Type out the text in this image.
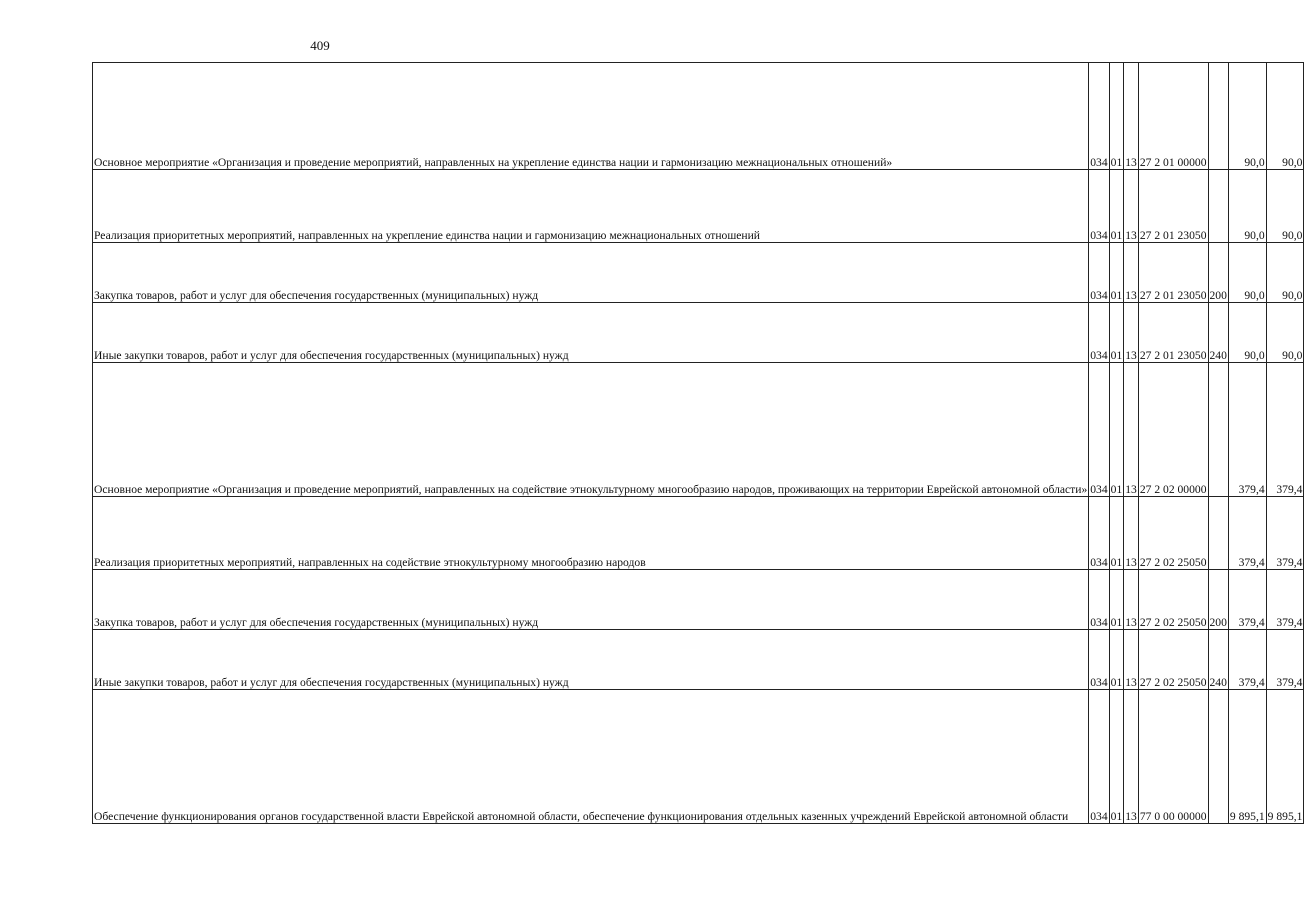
409
Основное мероприятие «Организация и проведение мероприятий, направленных на укрепление единства нации и гармонизацию межнациональных отношений»	034	01	13	27 2 01 00000		90,0	90,0
Реализация приоритетных мероприятий, направленных на укрепление единства нации и гармонизацию межнациональных отношений	034	01	13	27 2 01 23050		90,0	90,0
Закупка товаров, работ и услуг для обеспечения государственных (муниципальных) нужд	034	01	13	27 2 01 23050	200	90,0	90,0
Иные закупки товаров, работ и услуг для обеспечения государственных (муниципальных) нужд	034	01	13	27 2 01 23050	240	90,0	90,0
Основное мероприятие «Организация и проведение мероприятий, направленных на содействие этнокультурному многообразию народов, проживающих на территории Еврейской автономной области»	034	01	13	27 2 02 00000		379,4	379,4
Реализация приоритетных мероприятий, направленных на содействие этнокультурному многообразию народов	034	01	13	27 2 02 25050		379,4	379,4
Закупка товаров, работ и услуг для обеспечения государственных (муниципальных) нужд	034	01	13	27 2 02 25050	200	379,4	379,4
Иные закупки товаров, работ и услуг для обеспечения государственных (муниципальных) нужд	034	01	13	27 2 02 25050	240	379,4	379,4
Обеспечение функционирования органов государственной власти Еврейской автономной области, обеспечение функционирования отдельных казенных учреждений Еврейской автономной области	034	01	13	77 0 00 00000		9 895,1	9 895,1
